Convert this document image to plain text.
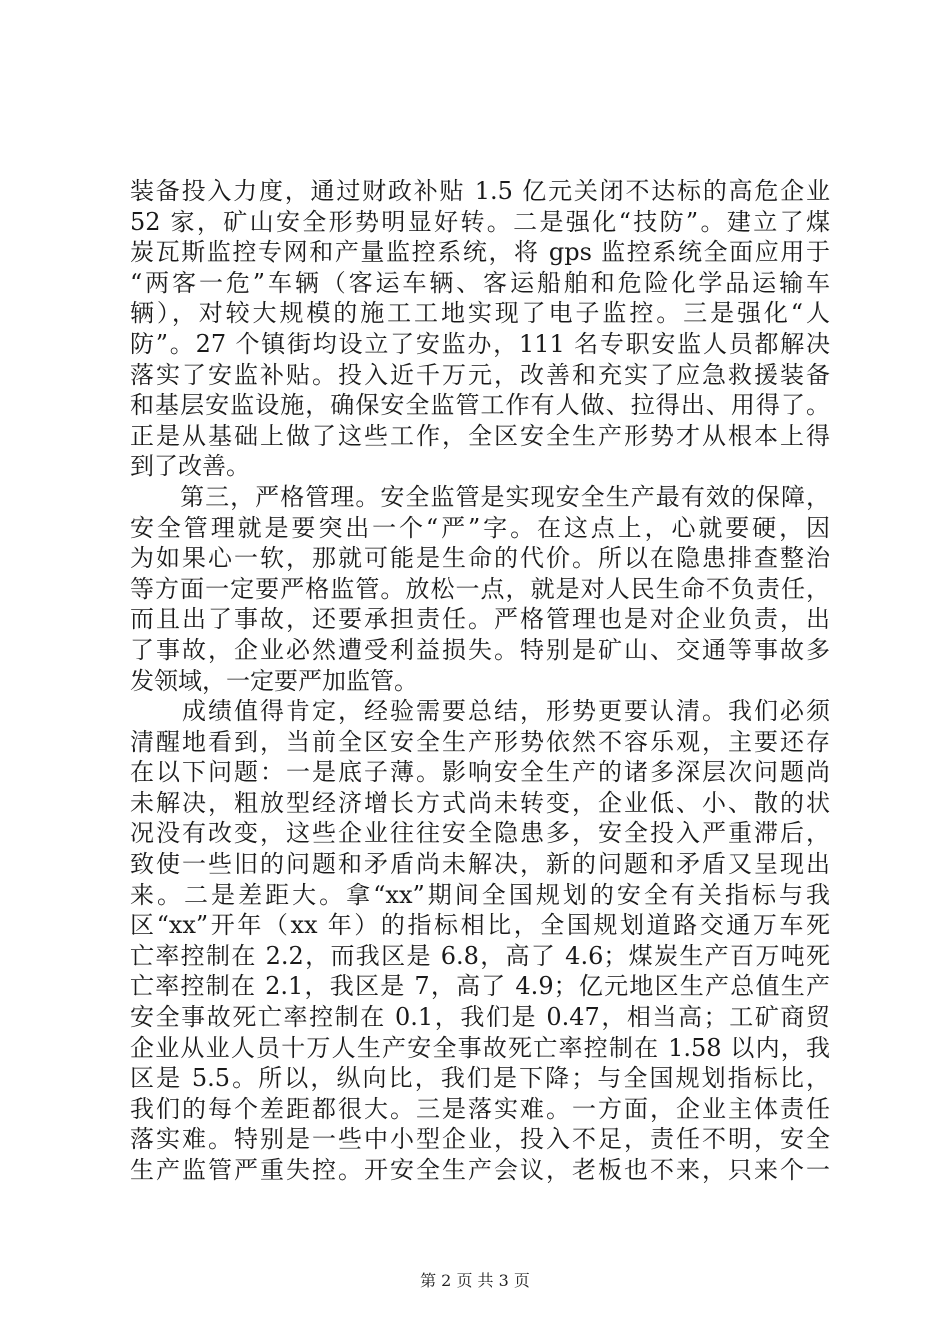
装备投入力度，通过财政补贴 1.5 亿元关闭不达标的高危企业
52 家，矿山安全形势明显好转。二是强化“技防”。建立了煤
炭瓦斯监控专网和产量监控系统，将 gps 监控系统全面应用于
“两客一危”车辆（客运车辆、客运船舶和危险化学品运输车
辆），对较大规模的施工工地实现了电子监控。三是强化“人
防”。27 个镇街均设立了安监办，111 名专职安监人员都解决
落实了安监补贴。投入近千万元，改善和充实了应急救援装备
和基层安监设施，确保安全监管工作有人做、拉得出、用得了。
正是从基础上做了这些工作，全区安全生产形势才从根本上得
到了改善。
　　第三，严格管理。安全监管是实现安全生产最有效的保障，
安全管理就是要突出一个“严”字。在这点上，心就要硬，因
为如果心一软，那就可能是生命的代价。所以在隐患排查整治
等方面一定要严格监管。放松一点，就是对人民生命不负责任，
而且出了事故，还要承担责任。严格管理也是对企业负责，出
了事故，企业必然遭受利益损失。特别是矿山、交通等事故多
发领域，一定要严加监管。
　　成绩值得肯定，经验需要总结，形势更要认清。我们必须
清醒地看到，当前全区安全生产形势依然不容乐观，主要还存
在以下问题：一是底子薄。影响安全生产的诸多深层次问题尚
未解决，粗放型经济增长方式尚未转变，企业低、小、散的状
况没有改变，这些企业往往安全隐患多，安全投入严重滞后，
致使一些旧的问题和矛盾尚未解决，新的问题和矛盾又呈现出
来。二是差距大。拿“xx”期间全国规划的安全有关指标与我
区“xx”开年（xx 年）的指标相比，全国规划道路交通万车死
亡率控制在 2.2，而我区是 6.8，高了 4.6；煤炭生产百万吨死
亡率控制在 2.1，我区是 7，高了 4.9；亿元地区生产总值生产
安全事故死亡率控制在 0.1，我们是 0.47，相当高；工矿商贸
企业从业人员十万人生产安全事故死亡率控制在 1.58 以内，我
区是 5.5。所以，纵向比，我们是下降；与全国规划指标比，
我们的每个差距都很大。三是落实难。一方面，企业主体责任
落实难。特别是一些中小型企业，投入不足，责任不明，安全
生产监管严重失控。开安全生产会议，老板也不来，只来个一
第 2 页 共 3 页
